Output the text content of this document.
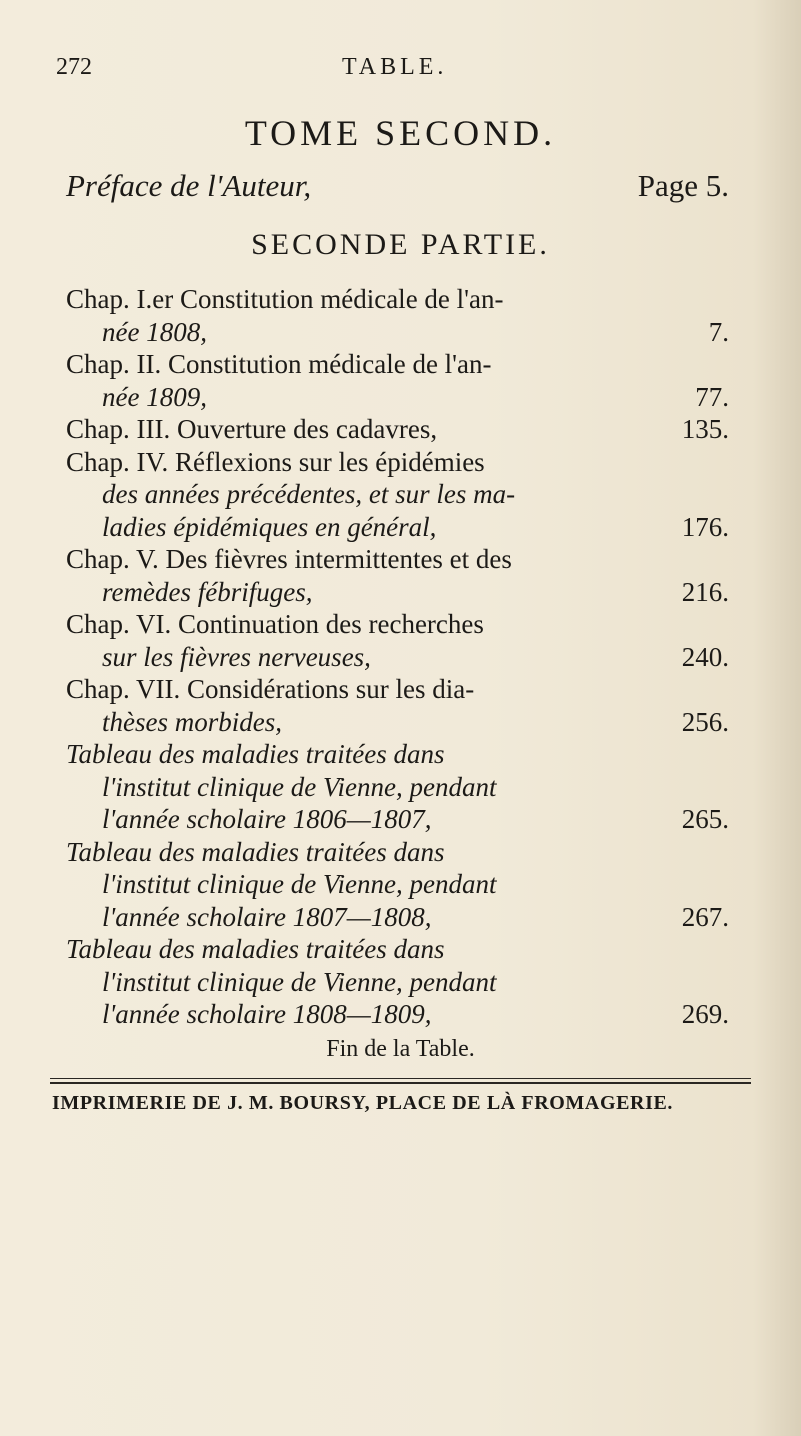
272	TABLE.
TOME SECOND.
Préface de l'Auteur,	Page 5.
SECONDE PARTIE.
Fin de la Table.
IMPRIMERIE DE J. M. BOURSY, PLACE DE LÀ FROMAGERIE.
Chap. I.er Constitution médicale de l'an-
née 1808,	7.
Chap. II. Constitution médicale de l'an-
née 1809,	77.
Chap. III. Ouverture des cadavres,	135.
Chap. IV. Réflexions sur les épidémies
des années précédentes, et sur les ma-
ladies épidémiques en général,	176.
Chap. V. Des fièvres intermittentes et des
remèdes fébrifuges,	216.
Chap. VI. Continuation des recherches
sur les fièvres nerveuses,	240.
Chap. VII. Considérations sur les dia-
thèses morbides,	256.
Tableau des maladies traitées dans
l'institut clinique de Vienne, pendant
l'année scholaire 1806—1807,	265.
Tableau des maladies traitées dans
l'institut clinique de Vienne, pendant
l'année scholaire 1807—1808,	267.
Tableau des maladies traitées dans
l'institut clinique de Vienne, pendant
l'année scholaire 1808—1809,	269.
